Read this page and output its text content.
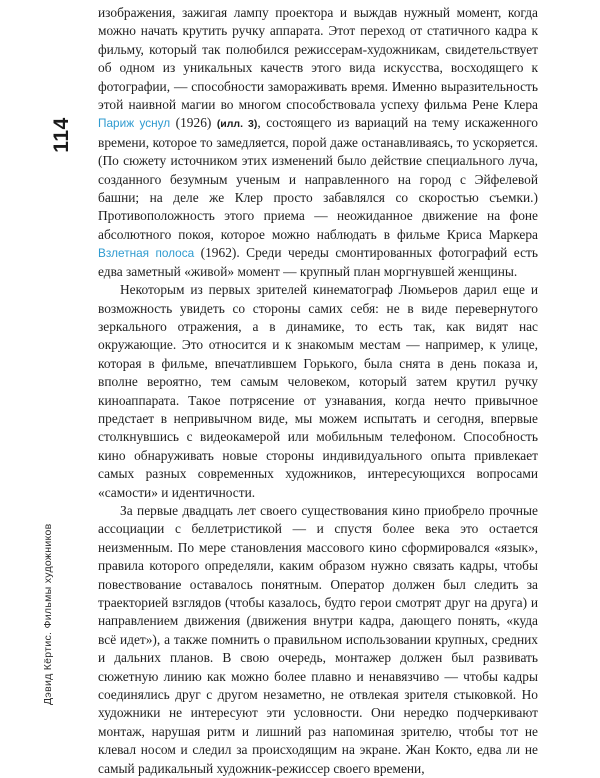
114
Дэвид Кёртис. Фильмы художников

изображения, зажигая лампу проектора и выждав нужный момент, когда можно начать крутить ручку аппарата. Этот переход от статичного кадра к фильму, который так полюбился режиссерам-художникам, свидетельствует об одном из уникальных качеств этого вида искусства, восходящего к фотографии, — способности замораживать время. Именно выразительность этой наивной магии во многом способствовала успеху фильма Рене Клера Париж уснул (1926) (илл. 3), состоящего из вариаций на тему искаженного времени, которое то замедляется, порой даже останавливаясь, то ускоряется. (По сюжету источником этих изменений было действие специального луча, созданного безумным ученым и направленного на город с Эйфелевой башни; на деле же Клер просто забавлялся со скоростью съемки.) Противоположность этого приема — неожиданное движение на фоне абсолютного покоя, которое можно наблюдать в фильме Криса Маркера Взлетная полоса (1962). Среди череды смонтированных фотографий есть едва заметный «живой» момент — крупный план моргнувшей женщины.

Некоторым из первых зрителей кинематограф Люмьеров дарил еще и возможность увидеть со стороны самих себя: не в виде перевернутого зеркального отражения, а в динамике, то есть так, как видят нас окружающие. Это относится и к знакомым местам — например, к улице, которая в фильме, впечатлившем Горького, была снята в день показа и, вполне вероятно, тем самым человеком, который затем крутил ручку киноаппарата. Такое потрясение от узнавания, когда нечто привычное предстает в непривычном виде, мы можем испытать и сегодня, впервые столкнувшись с видеокамерой или мобильным телефоном. Способность кино обнаруживать новые стороны индивидуального опыта привлекает самых разных современных художников, интересующихся вопросами «самости» и идентичности.

За первые двадцать лет своего существования кино приобрело прочные ассоциации с беллетристикой — и спустя более века это остается неизменным. По мере становления массового кино сформировался «язык», правила которого определяли, каким образом нужно связать кадры, чтобы повествование оставалось понятным. Оператор должен был следить за траекторией взглядов (чтобы казалось, будто герои смотрят друг на друга) и направлением движения (движения внутри кадра, дающего понять, «куда всё идет»), а также помнить о правильном использовании крупных, средних и дальних планов. В свою очередь, монтажер должен был развивать сюжетную линию как можно более плавно и ненавязчиво — чтобы кадры соединялись друг с другом незаметно, не отвлекая зрителя стыковкой. Но художники не интересуют эти условности. Они нередко подчеркивают монтаж, нарушая ритм и лишний раз напоминая зрителю, чтобы тот не клевал носом и следил за происходящим на экране. Жан Кокто, едва ли не самый радикальный художник-режиссер своего времени,
